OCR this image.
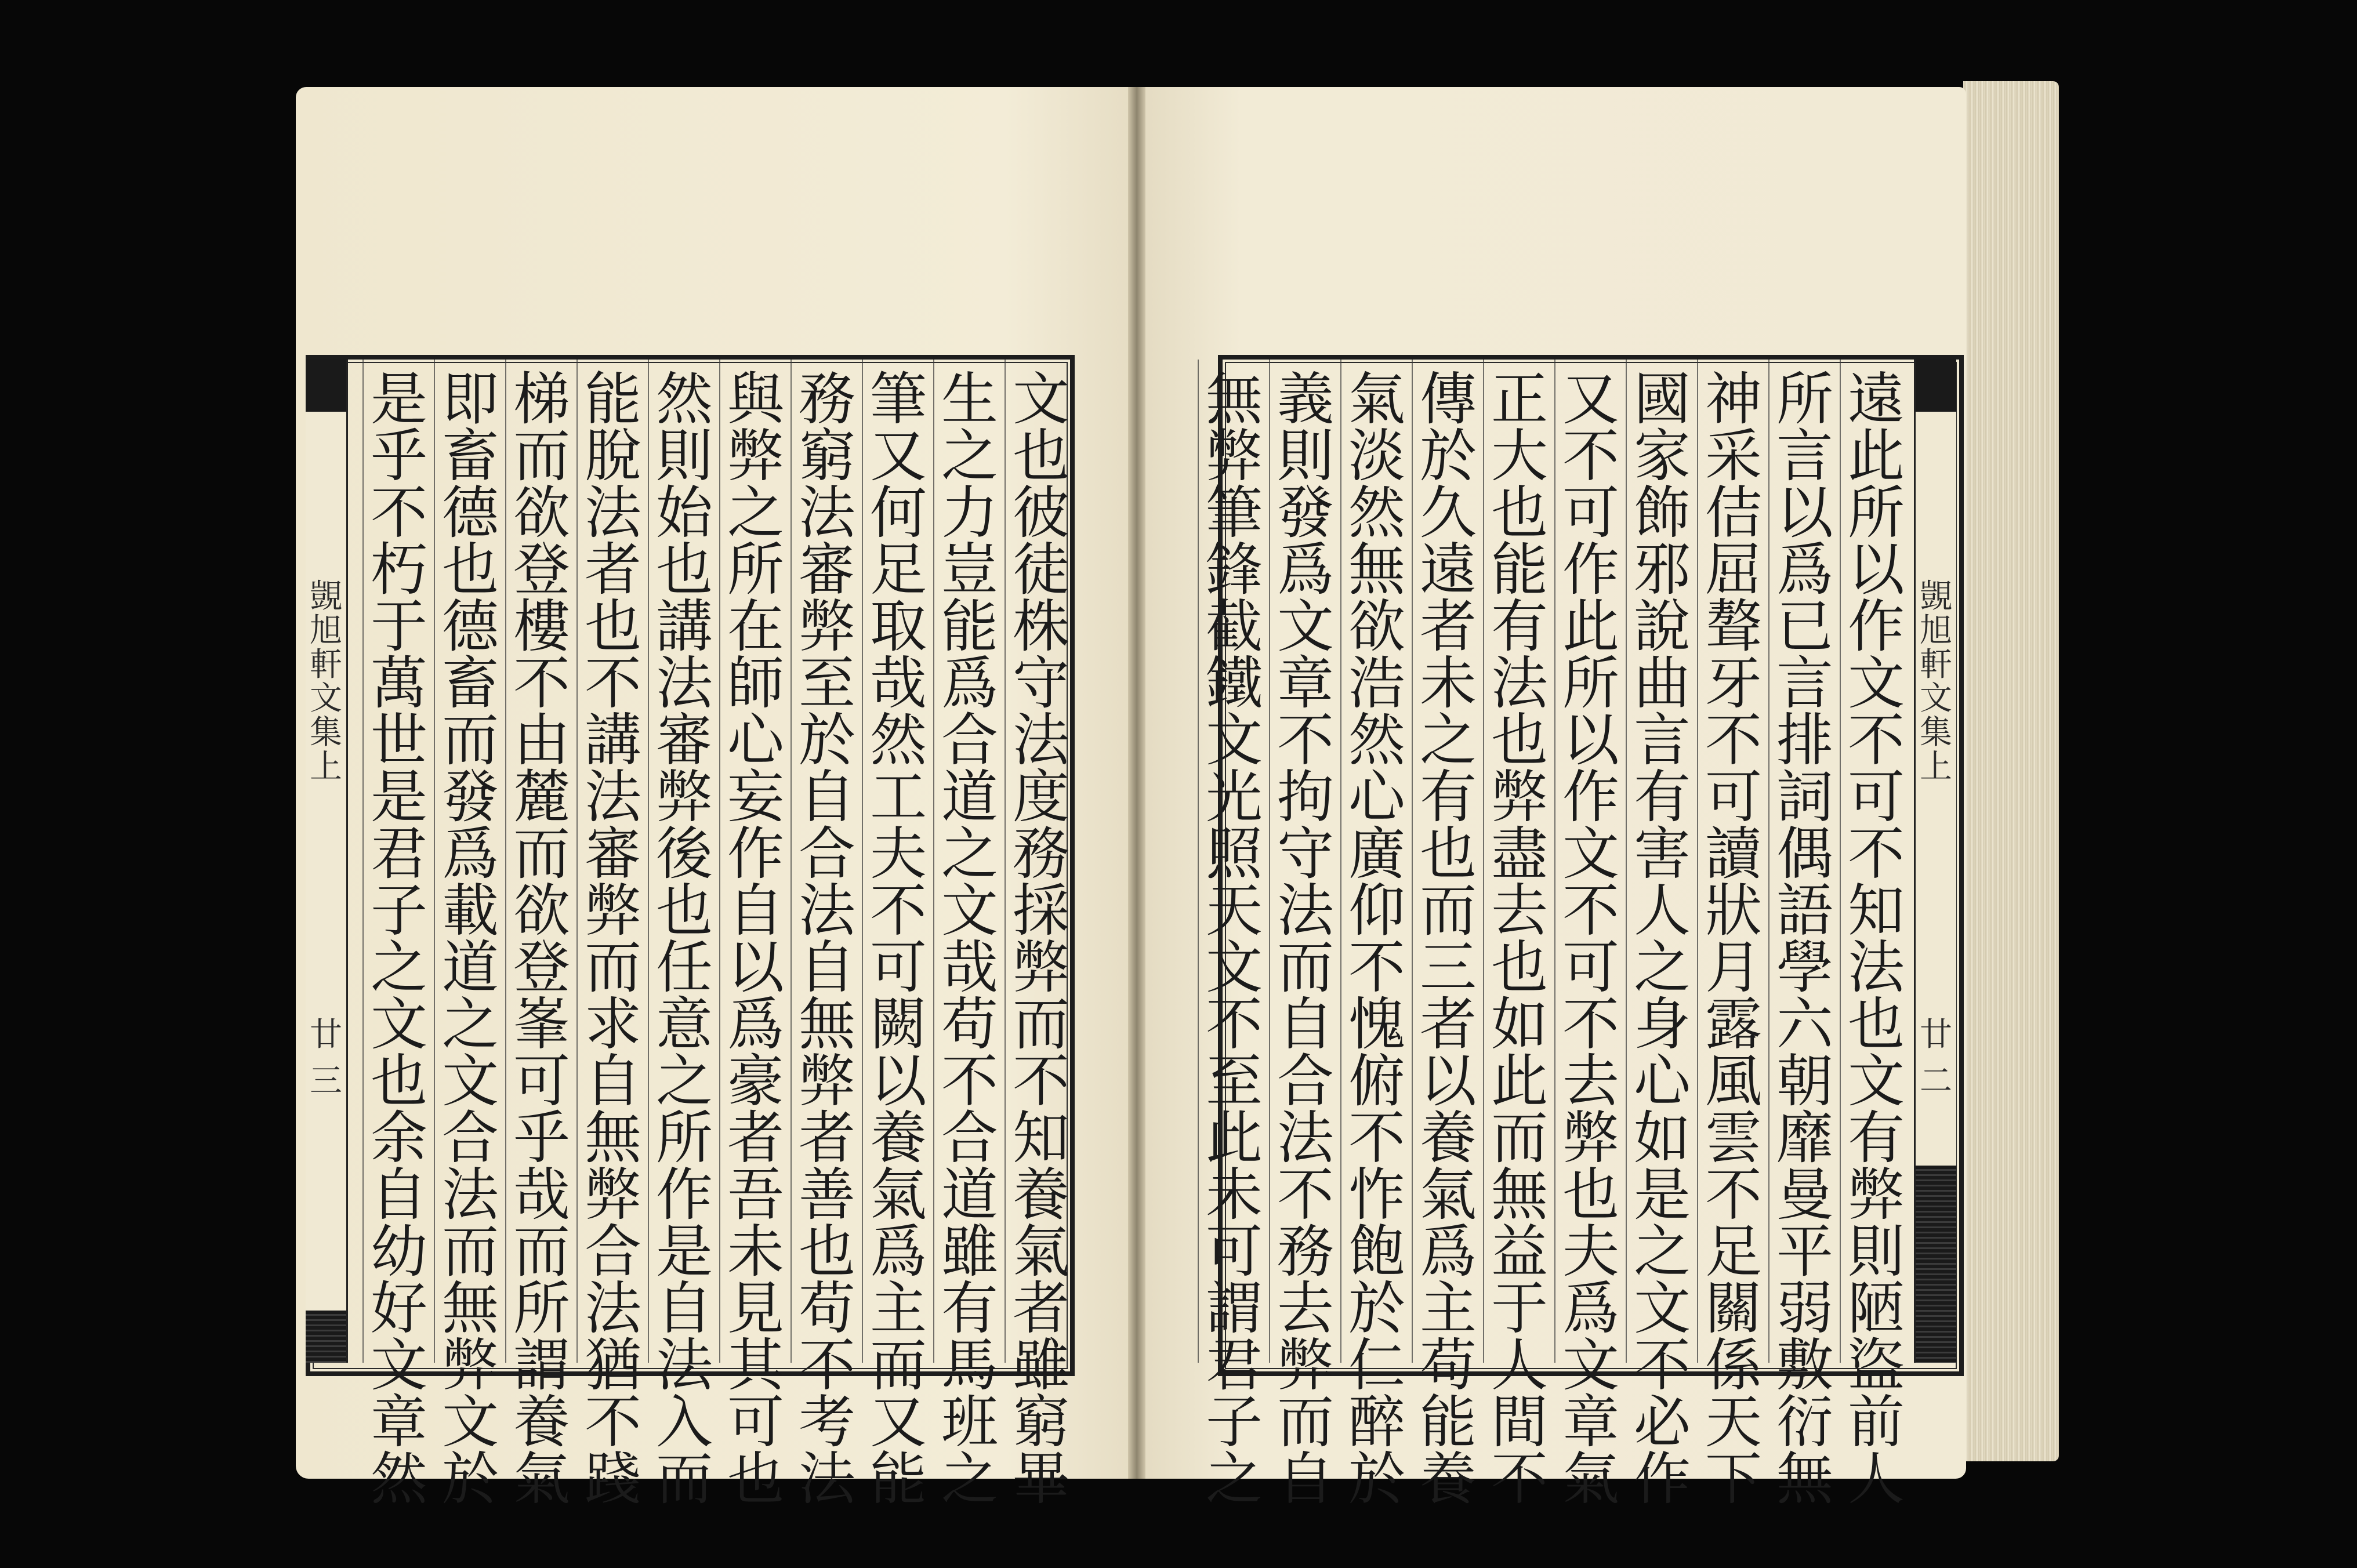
覬
旭
軒
文
集
上
廿三
覬
旭
軒
文
集
上
廿二
文
也
彼
徒
株
守
法
度
務
採
弊
而
不
知
養
氣
者
雖
窮
畢
生
之
力
豈
能
爲
合
道
之
文
哉
苟
不
合
道
雖
有
馬
班
之
筆
又
何
足
取
哉
然
工
夫
不
可
闕
以
養
氣
爲
主
而
又
能
務
窮
法
審
弊
至
於
自
合
法
自
無
弊
者
善
也
苟
不
考
法
與
弊
之
所
在
師
心
妄
作
自
以
爲
豪
者
吾
未
見
其
可
也
然
則
始
也
講
法
審
弊
後
也
任
意
之
所
作
是
自
法
入
而
能
脫
法
者
也
不
講
法
審
弊
而
求
自
無
弊
合
法
猶
不
踐
梯
而
欲
登
樓
不
由
麓
而
欲
登
峯
可
乎
哉
而
所
謂
養
氣
即
畜
德
也
德
畜
而
發
爲
載
道
之
文
合
法
而
無
弊
文
於
是
乎
不
朽
于
萬
世
是
君
子
之
文
也
余
自
幼
好
文
章
然
遠
此
所
以
作
文
不
可
不
知
法
也
文
有
弊
則
陋
盜
前
人
所
言
以
爲
已
言
排
詞
偶
語
學
六
朝
靡
曼
平
弱
敷
衍
無
神
采
佶
屈
聱
牙
不
可
讀
狀
月
露
風
雲
不
足
關
係
天
下
國
家
飾
邪
說
曲
言
有
害
人
之
身
心
如
是
之
文
不
必
作
又
不
可
作
此
所
以
作
文
不
可
不
去
弊
也
夫
爲
文
章
氣
正
大
也
能
有
法
也
弊
盡
去
也
如
此
而
無
益
于
人
間
不
傳
於
久
遠
者
未
之
有
也
而
三
者
以
養
氣
爲
主
苟
能
養
氣
淡
然
無
欲
浩
然
心
廣
仰
不
愧
俯
不
怍
飽
於
仁
醉
於
義
則
發
爲
文
章
不
拘
守
法
而
自
合
法
不
務
去
弊
而
自
無
弊
筆
鋒
截
鐵
文
光
照
天
文
不
至
此
未
可
謂
君
子
之
